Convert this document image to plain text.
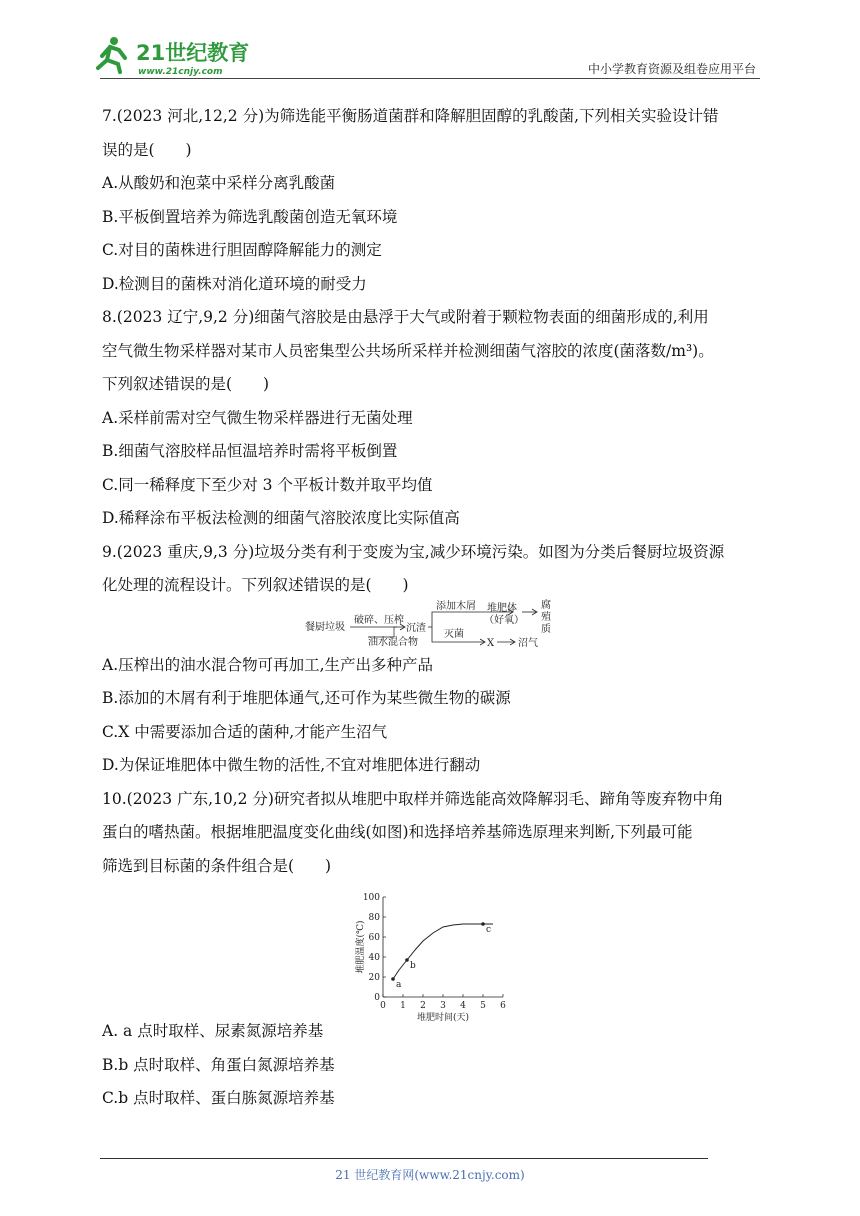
21世纪教育
www.21cnjy.com	中小学教育资源及组卷应用平台
7.(2023 河北,12,2 分)为筛选能平衡肠道菌群和降解胆固醇的乳酸菌,下列相关实验设计错
误的是(　　)
A.从酸奶和泡菜中采样分离乳酸菌
B.平板倒置培养为筛选乳酸菌创造无氧环境
C.对目的菌株进行胆固醇降解能力的测定
D.检测目的菌株对消化道环境的耐受力
8.(2023 辽宁,9,2 分)细菌气溶胶是由悬浮于大气或附着于颗粒物表面的细菌形成的,利用
空气微生物采样器对某市人员密集型公共场所采样并检测细菌气溶胶的浓度(菌落数/m³)。
下列叙述错误的是(　　)
A.采样前需对空气微生物采样器进行无菌处理
B.细菌气溶胶样品恒温培养时需将平板倒置
C.同一稀释度下至少对 3 个平板计数并取平均值
D.稀释涂布平板法检测的细菌气溶胶浓度比实际值高
9.(2023 重庆,9,3 分)垃圾分类有利于变废为宝,减少环境污染。如图为分类后餐厨垃圾资源
化处理的流程设计。下列叙述错误的是(　　)
餐厨垃圾
破碎、压榨
沉渣
油水混合物
添加木屑 堆肥体
（好氧）
腐
殖
质
灭菌
X 沼气
A.压榨出的油水混合物可再加工,生产出多种产品
B.添加的木屑有利于堆肥体通气,还可作为某些微生物的碳源
C.X 中需要添加合适的菌种,才能产生沼气
D.为保证堆肥体中微生物的活性,不宜对堆肥体进行翻动
10.(2023 广东,10,2 分)研究者拟从堆肥中取样并筛选能高效降解羽毛、蹄角等废弃物中角
蛋白的嗜热菌。根据堆肥温度变化曲线(如图)和选择培养基筛选原理来判断,下列最可能
筛选到目标菌的条件组合是(　　)
0 1 2 3 4 5 6
0
20
40
60
80
100
a
b
c
堆肥时间(天)
堆肥温度(℃)
A. a 点时取样、尿素氮源培养基
B.b 点时取样、角蛋白氮源培养基
C.b 点时取样、蛋白胨氮源培养基
21 世纪教育网(www.21cnjy.com)
